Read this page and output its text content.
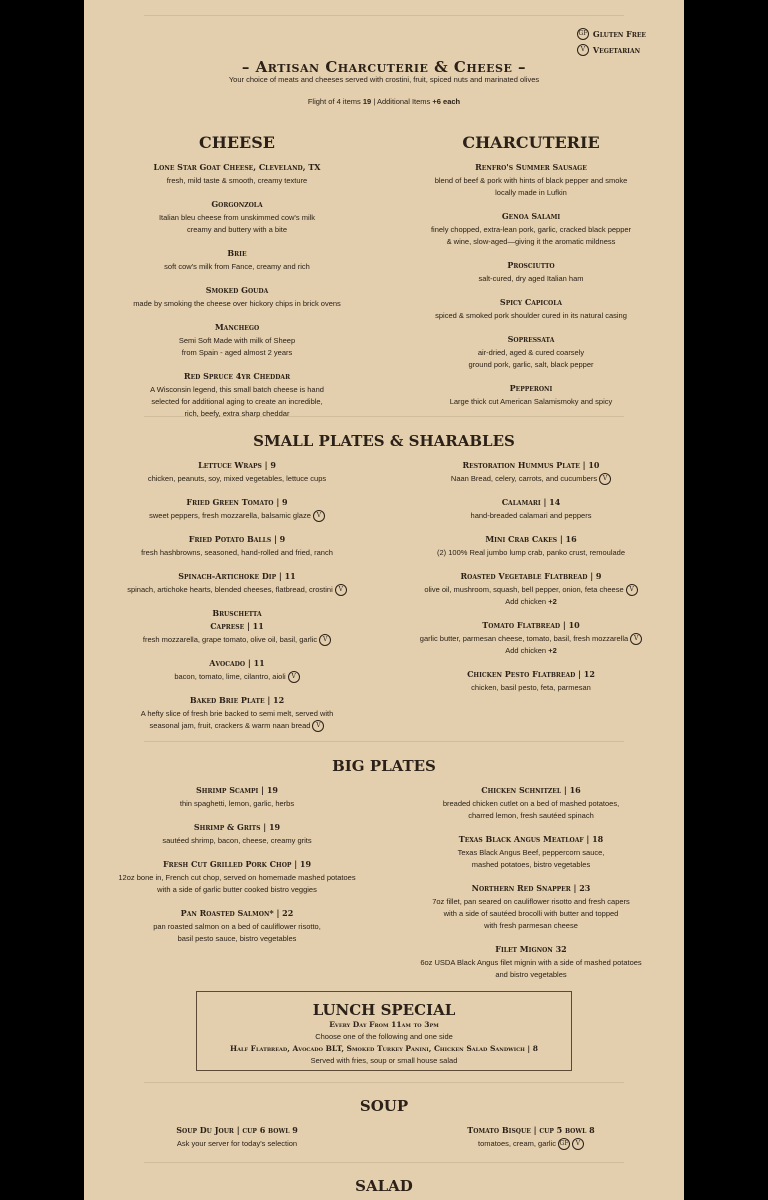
GF Gluten Free
V Vegetarian
– Artisan Charcuterie & Cheese –
Your choice of meats and cheeses served with crostini, fruit, spiced nuts and marinated olives
Flight of 4 items 19 | Additional Items +6 each
CHEESE
Lone Star Goat Cheese, Cleveland, TX
fresh, mild taste & smooth, creamy texture
Gorgonzola
Italian bleu cheese from unskimmed cow's milk
creamy and buttery with a bite
Brie
soft cow's milk from Fance, creamy and rich
Smoked Gouda
made by smoking the cheese over hickory chips in brick ovens
Manchego
Semi Soft Made with milk of Sheep
from Spain - aged almost 2 years
Red Spruce 4yr Cheddar
A Wisconsin legend, this small batch cheese is hand
selected for additional aging to create an incredible,
rich, beefy, extra sharp cheddar
CHARCUTERIE
Renfro's Summer Sausage
blend of beef & pork with hints of black pepper and smoke
locally made in Lufkin
Genoa Salami
finely chopped, extra-lean pork, garlic, cracked black pepper
& wine, slow-aged—giving it the aromatic mildness
Prosciutto
salt-cured, dry aged Italian ham
Spicy Capicola
spiced & smoked pork shoulder cured in its natural casing
Sopressata
air-dried, aged & cured coarsely
ground pork, garlic, salt, black pepper
Pepperoni
Large thick cut American Salamismoky and spicy
SMALL PLATES & SHARABLES
Lettuce Wraps | 9
chicken, peanuts, soy, mixed vegetables, lettuce cups
Fried Green Tomato | 9
sweet peppers, fresh mozzarella, balsamic glaze V
Fried Potato Balls | 9
fresh hashbrowns, seasoned, hand-rolled and fried, ranch
Spinach-Artichoke Dip | 11
spinach, artichoke hearts, blended cheeses, flatbread, crostini V
Bruschetta
Caprese | 11
fresh mozzarella, grape tomato, olive oil, basil, garlic V
Avocado | 11
bacon, tomato, lime, cilantro, aioli V
Baked Brie Plate | 12
A hefty slice of fresh brie backed to semi melt, served with
seasonal jam, fruit, crackers & warm naan bread V
Restoration Hummus Plate | 10
Naan Bread, celery, carrots, and cucumbers V
Calamari | 14
hand-breaded calamari and peppers
Mini Crab Cakes | 16
(2) 100% Real jumbo lump crab, panko crust, remoulade
Roasted Vegetable Flatbread | 9
olive oil, mushroom, squash, bell pepper, onion, feta cheese V
Add chicken +2
Tomato Flatbread | 10
garlic butter, parmesan cheese, tomato, basil, fresh mozzarella V
Add chicken +2
Chicken Pesto Flatbread | 12
chicken, basil pesto, feta, parmesan
BIG PLATES
Shrimp Scampi | 19
thin spaghetti, lemon, garlic, herbs
Shrimp & Grits | 19
sautéed shrimp, bacon, cheese, creamy grits
Fresh Cut Grilled Pork Chop | 19
12oz bone in, French cut chop, served on homemade mashed potatoes
with a side of garlic butter cooked bistro veggies
Pan Roasted Salmon* | 22
pan roasted salmon on a bed of cauliflower risotto,
basil pesto sauce, bistro vegetables
Chicken Schnitzel | 16
breaded chicken cutlet on a bed of mashed potatoes,
charred lemon, fresh sautéed spinach
Texas Black Angus Meatloaf | 18
Texas Black Angus Beef, peppercorn sauce,
mashed potatoes, bistro vegetables
Northern Red Snapper | 23
7oz fillet, pan seared on cauliflower risotto and fresh capers
with a side of sautéed brocolli with butter and topped
with fresh parmesan cheese
Filet Mignon 32
6oz USDA Black Angus filet mignin with a side of mashed potatoes
and bistro vegetables
LUNCH SPECIAL
Every Day From 11am to 3pm
Choose one of the following and one side
Half Flatbread, Avocado BLT, Smoked Turkey Panini, Chicken Salad Sandwich | 8
Served with fries, soup or small house salad
SOUP
Soup Du Jour | cup 6 bowl 9
Ask your server for today's selection
Tomato Bisque | cup 5 bowl 8
tomatoes, cream, garlic GF V
SALAD
